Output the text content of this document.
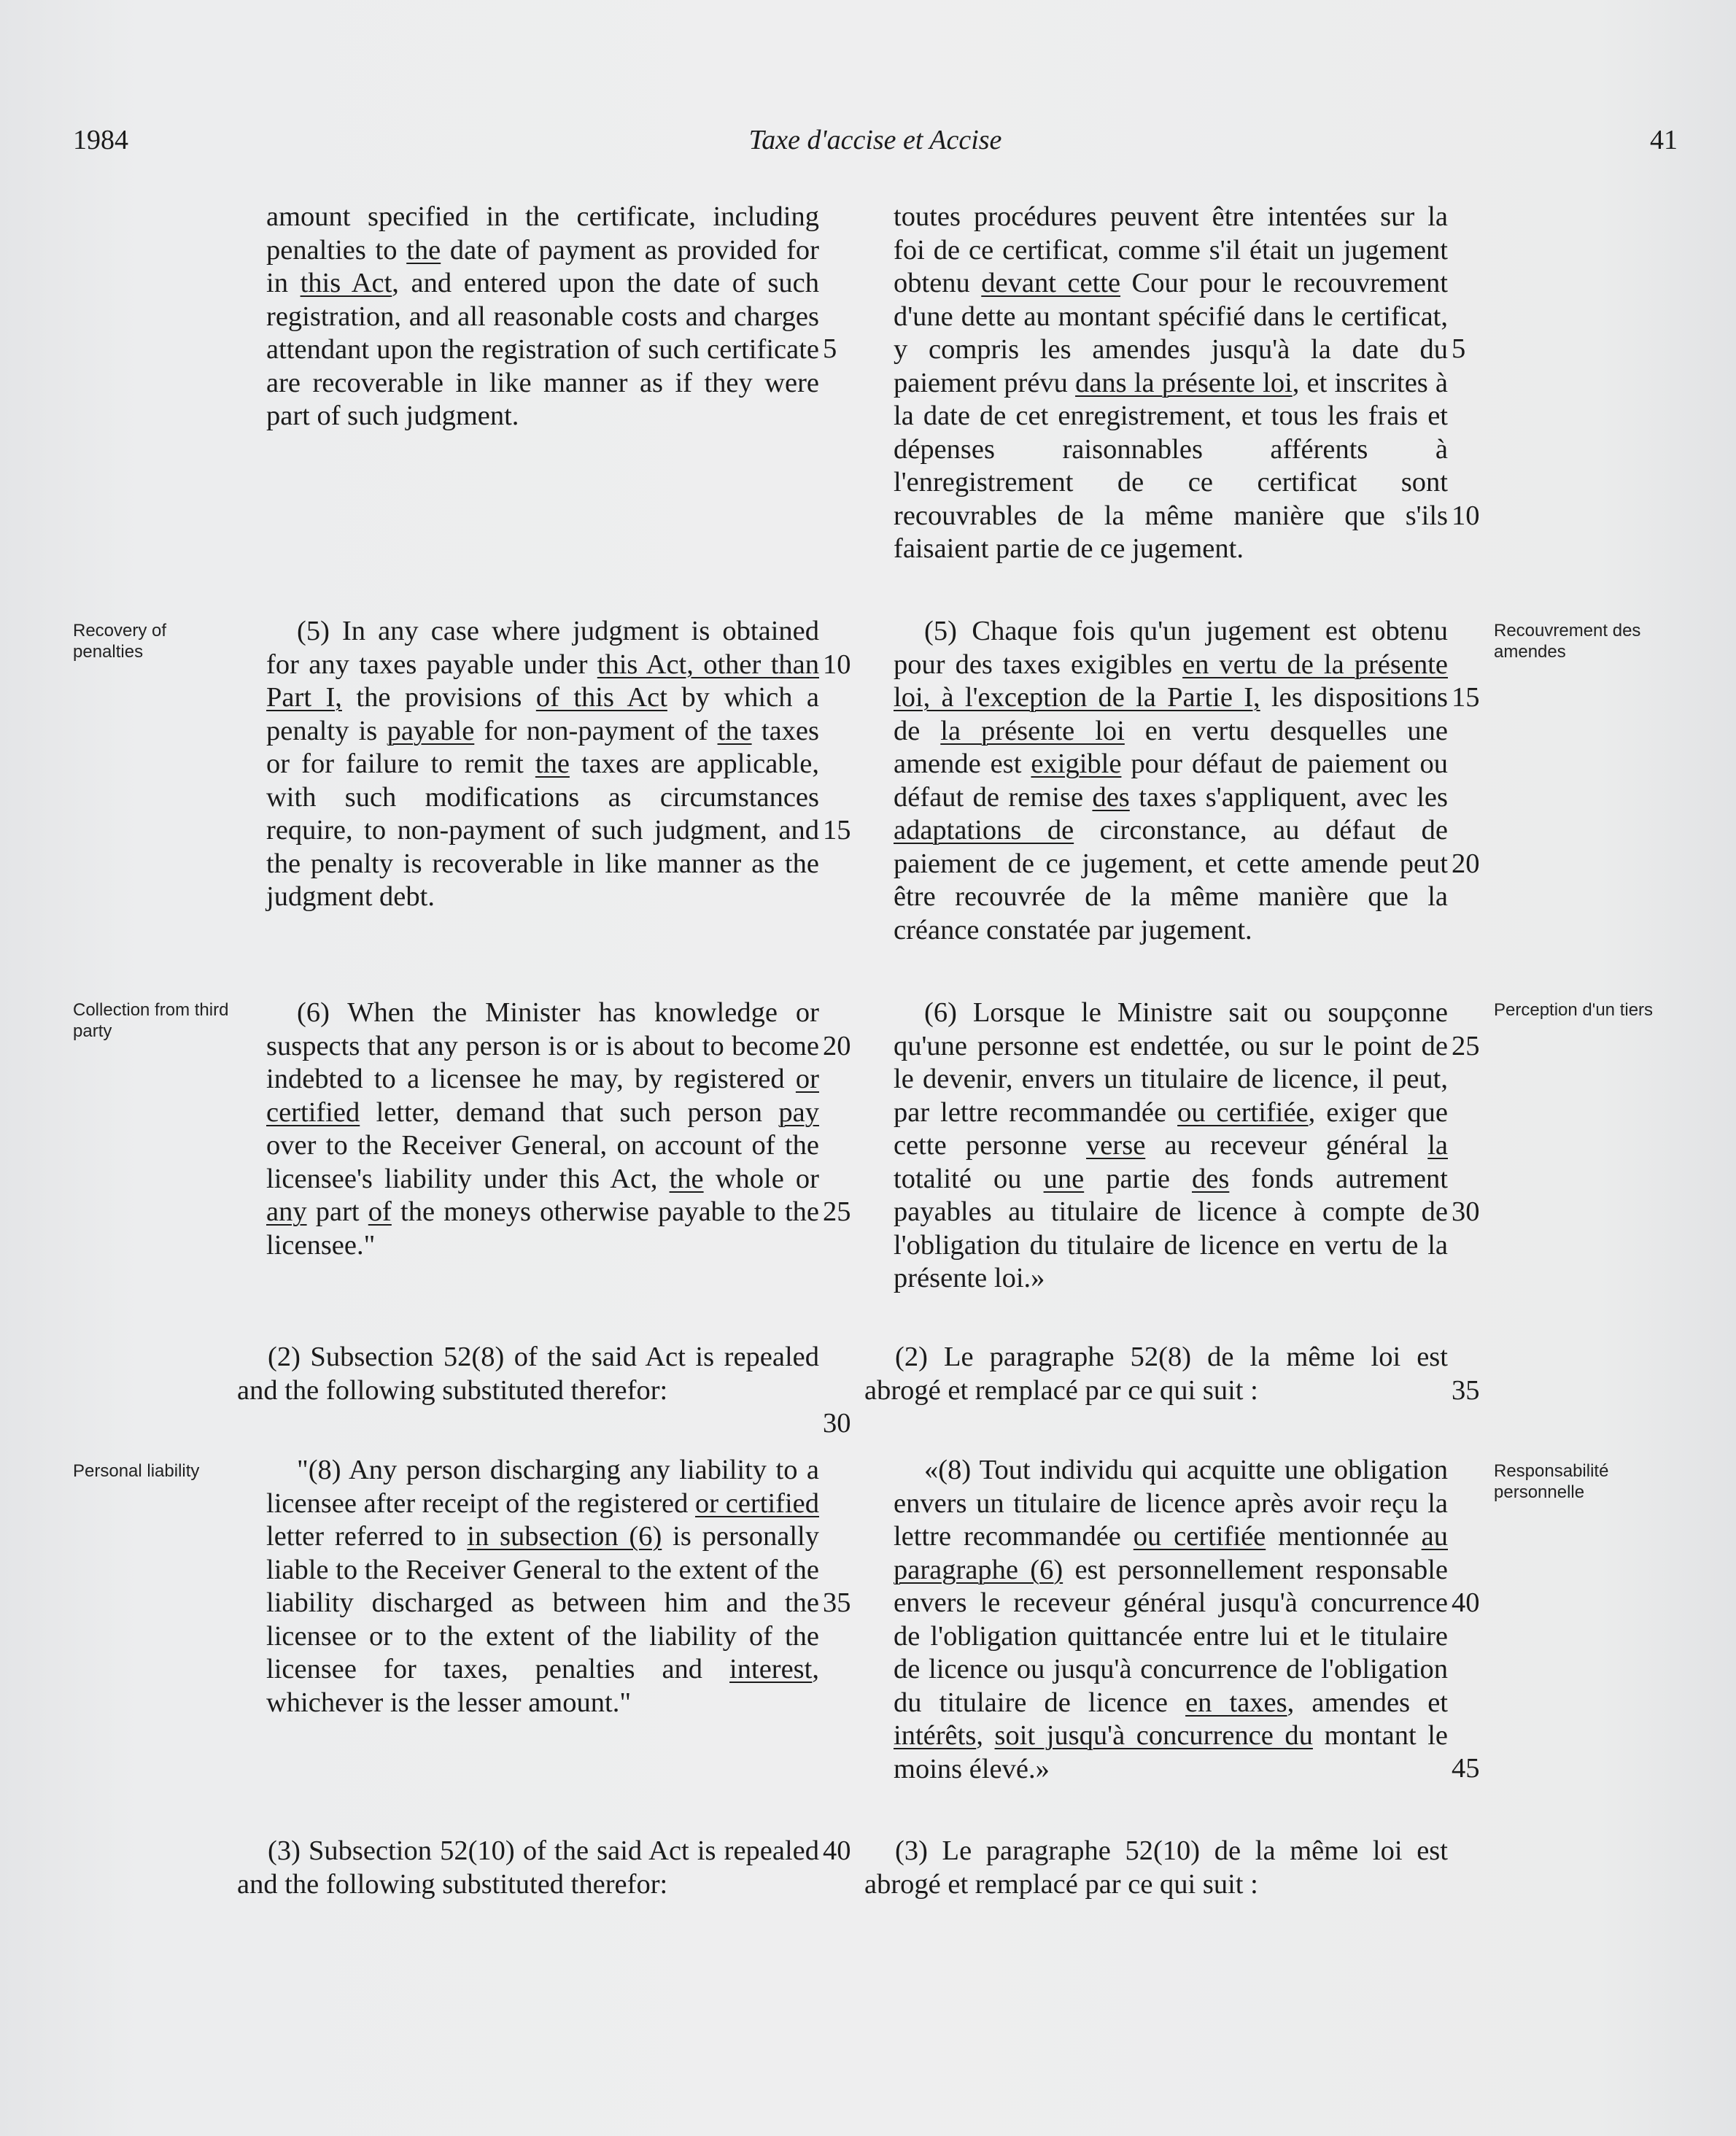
1984	Taxe d'accise et Accise	41
Recovery of penalties
Collection from third party
Personal liability
Recouvrement des amendes
Perception d'un tiers
Responsabilité personnelle

amount specified in the certificate, including penalties to the date of payment as provided for in this Act, and entered upon the date of such registration, and all reasonable costs and charges attendant upon the registration of such certificate are recoverable in like manner as if they were part of such judgment.

(5) In any case where judgment is obtained for any taxes payable under this Act, other than Part I, the provisions of this Act by which a penalty is payable for non-payment of the taxes or for failure to remit the taxes are applicable, with such modifications as circumstances require, to non-payment of such judgment, and the penalty is recoverable in like manner as the judgment debt.

(6) When the Minister has knowledge or suspects that any person is or is about to become indebted to a licensee he may, by registered or certified letter, demand that such person pay over to the Receiver General, on account of the licensee's liability under this Act, the whole or any part of the moneys otherwise payable to the licensee."

(2) Subsection 52(8) of the said Act is repealed and the following substituted therefor:

"(8) Any person discharging any liability to a licensee after receipt of the registered or certified letter referred to in subsection (6) is personally liable to the Receiver General to the extent of the liability discharged as between him and the licensee or to the extent of the liability of the licensee for taxes, penalties and interest, whichever is the lesser amount."

(3) Subsection 52(10) of the said Act is repealed and the following substituted therefor:

toutes procédures peuvent être intentées sur la foi de ce certificat, comme s'il était un jugement obtenu devant cette Cour pour le recouvrement d'une dette au montant spécifié dans le certificat, y compris les amendes jusqu'à la date du paiement prévu dans la présente loi, et inscrites à la date de cet enregistrement, et tous les frais et dépenses raisonnables afférents à l'enregistrement de ce certificat sont recouvrables de la même manière que s'ils faisaient partie de ce jugement.

(5) Chaque fois qu'un jugement est obtenu pour des taxes exigibles en vertu de la présente loi, à l'exception de la Partie I, les dispositions de la présente loi en vertu desquelles une amende est exigible pour défaut de paiement ou défaut de remise des taxes s'appliquent, avec les adaptations de circonstance, au défaut de paiement de ce jugement, et cette amende peut être recouvrée de la même manière que la créance constatée par jugement.

(6) Lorsque le Ministre sait ou soupçonne qu'une personne est endettée, ou sur le point de le devenir, envers un titulaire de licence, il peut, par lettre recommandée ou certifiée, exiger que cette personne verse au receveur général la totalité ou une partie des fonds autrement payables au titulaire de licence à compte de l'obligation du titulaire de licence en vertu de la présente loi.»

(2) Le paragraphe 52(8) de la même loi est abrogé et remplacé par ce qui suit :

«(8) Tout individu qui acquitte une obligation envers un titulaire de licence après avoir reçu la lettre recommandée ou certifiée mentionnée au paragraphe (6) est personnellement responsable envers le receveur général jusqu'à concurrence de l'obligation quittancée entre lui et le titulaire de licence ou jusqu'à concurrence de l'obligation du titulaire de licence en taxes, amendes et intérêts, soit jusqu'à concurrence du montant le moins élevé.»

(3) Le paragraphe 52(10) de la même loi est abrogé et remplacé par ce qui suit :

5
10
15
20
25
30
35
40
5
10
15
20
25
30
35
40
45
